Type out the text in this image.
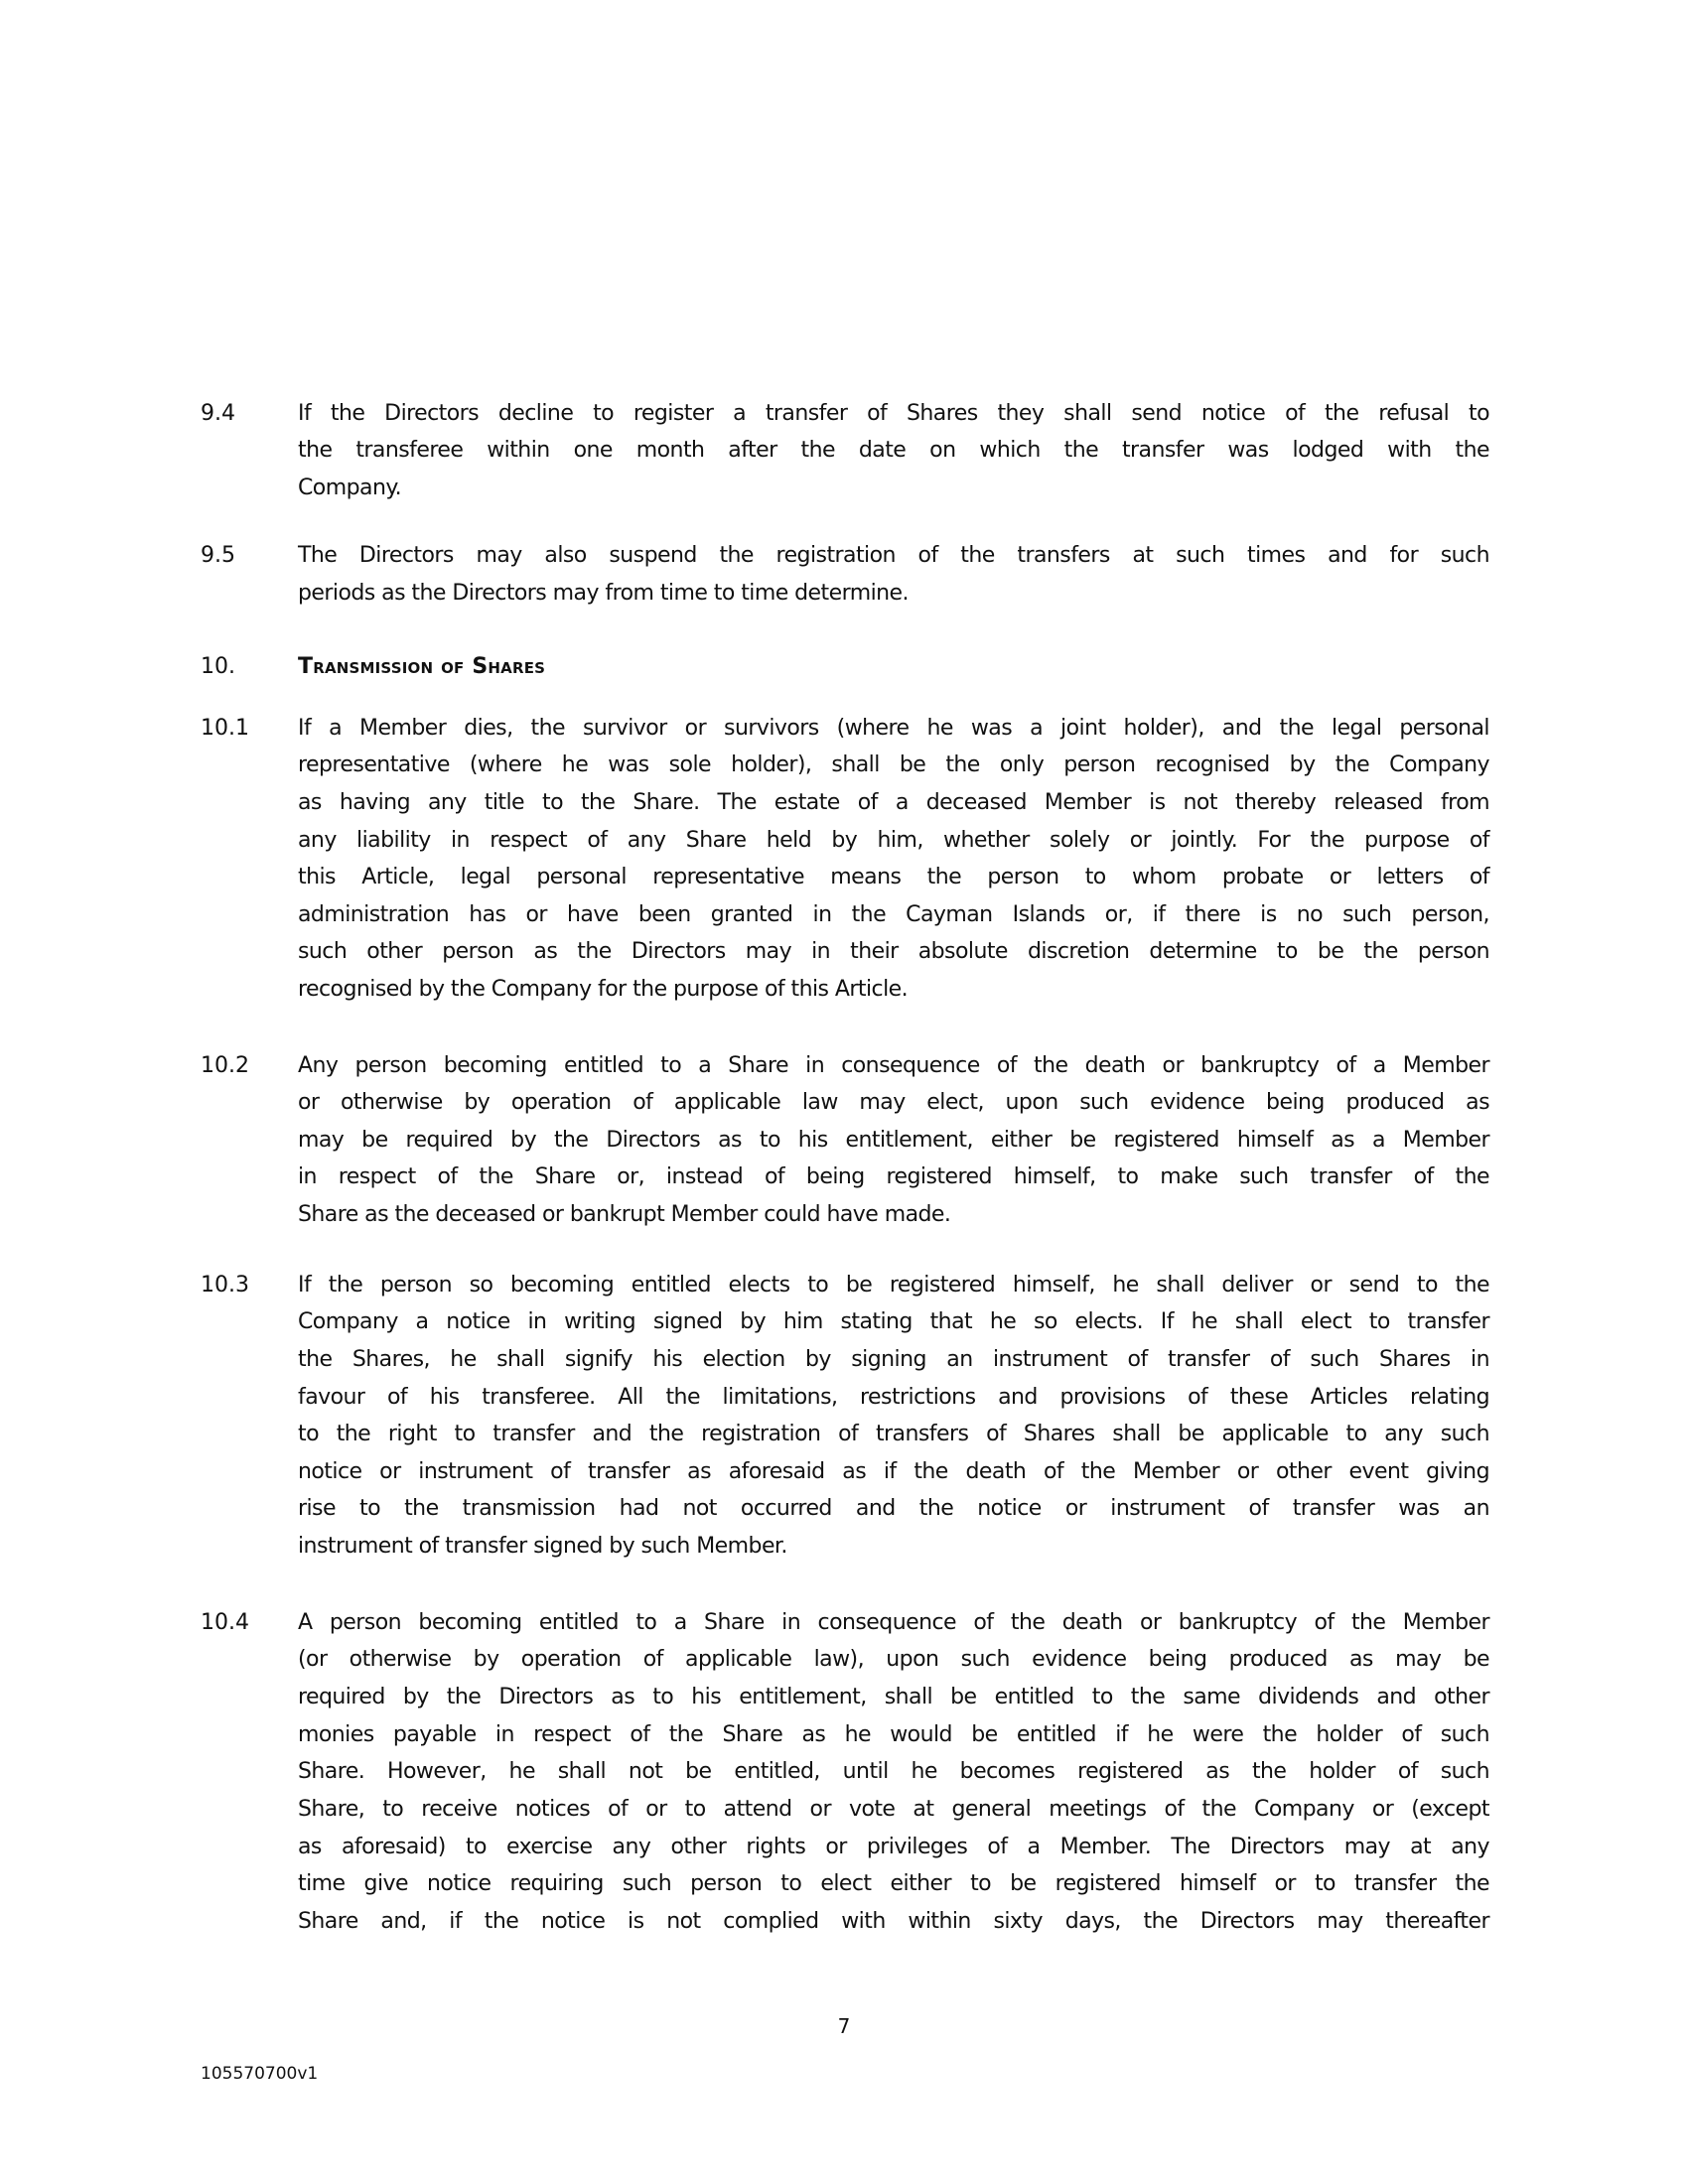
9.4	If the Directors decline to register a transfer of Shares they shall send notice of the refusal to
the transferee within one month after the date on which the transfer was lodged with the
Company.
9.5	The Directors may also suspend the registration of the transfers at such times and for such
periods as the Directors may from time to time determine.
10.	Transmission of Shares
10.1 If a Member dies, the survivor or survivors (where he was a joint holder), and the legal personal
representative (where he was sole holder), shall be the only person recognised by the Company
as having any title to the Share. The estate of a deceased Member is not thereby released from
any liability in respect of any Share held by him, whether solely or jointly. For the purpose of
this Article, legal personal representative means the person to whom probate or letters of
administration has or have been granted in the Cayman Islands or, if there is no such person,
such other person as the Directors may in their absolute discretion determine to be the person
recognised by the Company for the purpose of this Article.
10.2 Any person becoming entitled to a Share in consequence of the death or bankruptcy of a Member
or otherwise by operation of applicable law may elect, upon such evidence being produced as
may be required by the Directors as to his entitlement, either be registered himself as a Member
in respect of the Share or, instead of being registered himself, to make such transfer of the
Share as the deceased or bankrupt Member could have made.
10.3 If the person so becoming entitled elects to be registered himself, he shall deliver or send to the
Company a notice in writing signed by him stating that he so elects. If he shall elect to transfer
the Shares, he shall signify his election by signing an instrument of transfer of such Shares in
favour of his transferee. All the limitations, restrictions and provisions of these Articles relating
to the right to transfer and the registration of transfers of Shares shall be applicable to any such
notice or instrument of transfer as aforesaid as if the death of the Member or other event giving
rise to the transmission had not occurred and the notice or instrument of transfer was an
instrument of transfer signed by such Member.
10.4 A person becoming entitled to a Share in consequence of the death or bankruptcy of the Member
(or otherwise by operation of applicable law), upon such evidence being produced as may be
required by the Directors as to his entitlement, shall be entitled to the same dividends and other
monies payable in respect of the Share as he would be entitled if he were the holder of such
Share. However, he shall not be entitled, until he becomes registered as the holder of such
Share, to receive notices of or to attend or vote at general meetings of the Company or (except
as aforesaid) to exercise any other rights or privileges of a Member. The Directors may at any
time give notice requiring such person to elect either to be registered himself or to transfer the
Share and, if the notice is not complied with within sixty days, the Directors may thereafter
7
105570700v1
